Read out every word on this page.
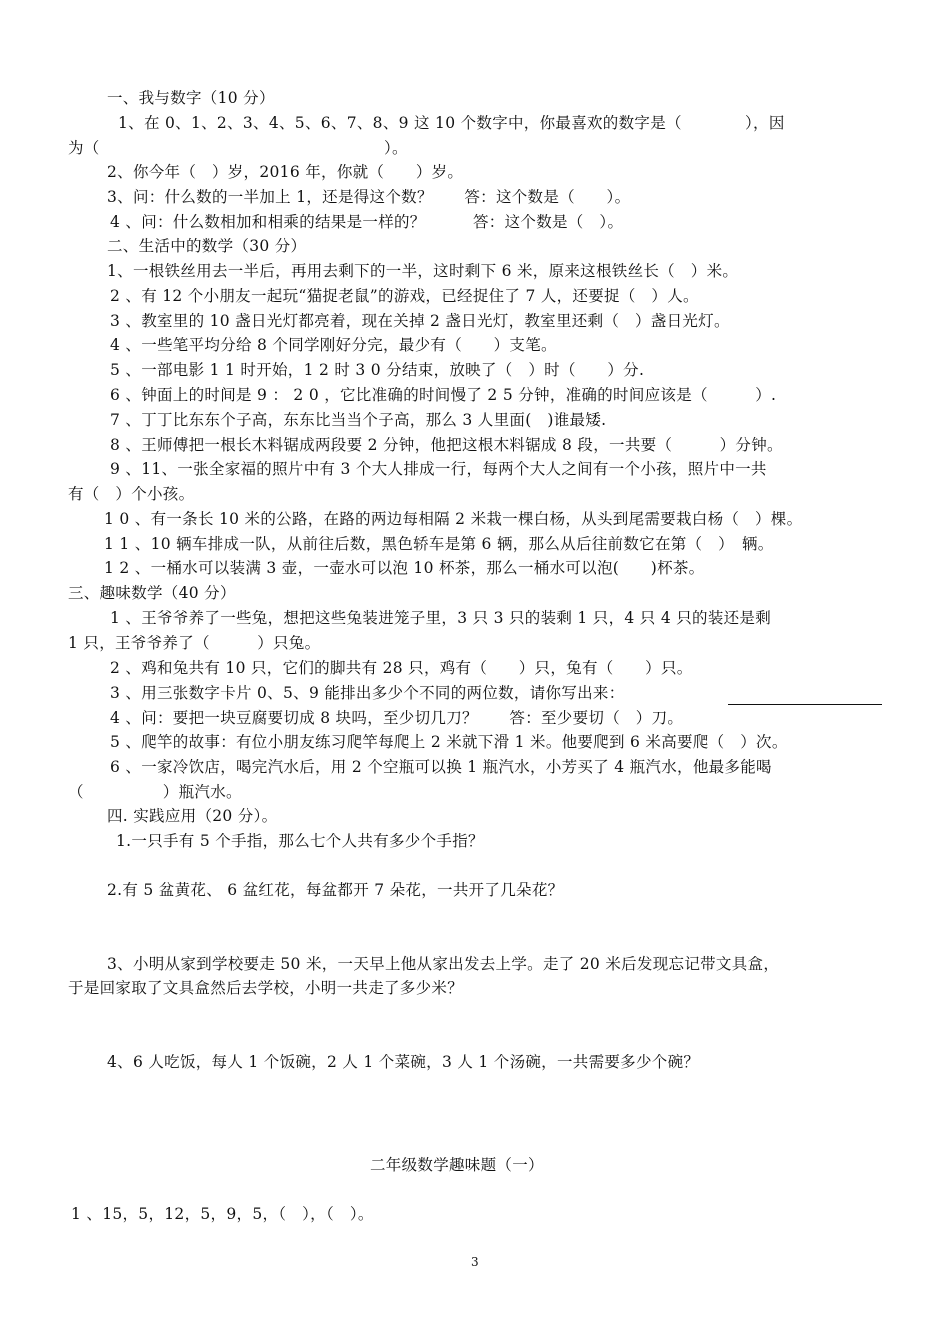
一、我与数字（10 分）
1、在 0、1、2、3、4、5、6、7、8、9 这 10 个数字中，你最喜欢的数字是（　　　　），因
为（　　　　　　　　　　　　　　　　　　）。
2、你今年（　）岁，2016 年，你就（　　）岁。
3、问：什么数的一半加上 1，还是得这个数？　　答：这个数是（　　）。
4 、问：什么数相加和相乘的结果是一样的？　　　答：这个数是（　）。
二、生活中的数学（30 分）
1、一根铁丝用去一半后，再用去剩下的一半，这时剩下 6 米，原来这根铁丝长（　）米。
2 、有 12 个小朋友一起玩“猫捉老鼠”的游戏，已经捉住了 7 人，还要捉（　）人。
3 、教室里的 10 盏日光灯都亮着，现在关掉 2 盏日光灯，教室里还剩（　）盏日光灯。
4 、一些笔平均分给 8 个同学刚好分完，最少有（　　）支笔。
5 、一部电影 1 1 时开始，1 2 时 3 0 分结束，放映了（　）时（　　）分.
6 、钟面上的时间是 9 ： 2 0 ，它比准确的时间慢了 2 5 分钟，准确的时间应该是（　　　）.
7 、丁丁比东东个子高，东东比当当个子高，那么 3 人里面(　)谁最矮.
8 、王师傅把一根长木料锯成两段要 2 分钟，他把这根木料锯成 8 段，一共要（　　　）分钟。
9 、11、一张全家福的照片中有 3 个大人排成一行，每两个大人之间有一个小孩，照片中一共
有（　）个小孩。
1 0 、有一条长 10 米的公路，在路的两边每相隔 2 米栽一棵白杨，从头到尾需要栽白杨（　）棵。
1 1 、10 辆车排成一队，从前往后数，黑色轿车是第 6 辆，那么从后往前数它在第（　）　辆。
1 2 、一桶水可以装满 3 壶，一壶水可以泡 10 杯茶，那么一桶水可以泡(　　)杯茶。
三、趣味数学（40 分）
1 、王爷爷养了一些兔，想把这些兔装进笼子里，3 只 3 只的装剩 1 只，4 只 4 只的装还是剩
1 只，王爷爷养了（　　　）只兔。
2 、鸡和兔共有 10 只，它们的脚共有 28 只，鸡有（　　）只，兔有（　　）只。
3 、用三张数字卡片 0、5、9 能排出多少个不同的两位数，请你写出来：
4 、问：要把一块豆腐要切成 8 块吗，至少切几刀？　　答：至少要切（　）刀。
5 、爬竿的故事：有位小朋友练习爬竿每爬上 2 米就下滑 1 米。他要爬到 6 米高要爬（　）次。
6 、一家冷饮店，喝完汽水后，用 2 个空瓶可以换 1 瓶汽水，小芳买了 4 瓶汽水，他最多能喝
（　　　　　）瓶汽水。
四. 实践应用（20 分）。
1.一只手有 5 个手指，那么七个人共有多少个手指？
2.有 5 盆黄花、 6 盆红花，每盆都开 7 朵花，一共开了几朵花？
3、小明从家到学校要走 50 米，一天早上他从家出发去上学。走了 20 米后发现忘记带文具盒，
于是回家取了文具盒然后去学校，小明一共走了多少米？
4、6 人吃饭，每人 1 个饭碗，2 人 1 个菜碗，3 人 1 个汤碗，一共需要多少个碗？
二年级数学趣味题（一）
1 、15，5，12，5，9，5，（　），（　）。
3
